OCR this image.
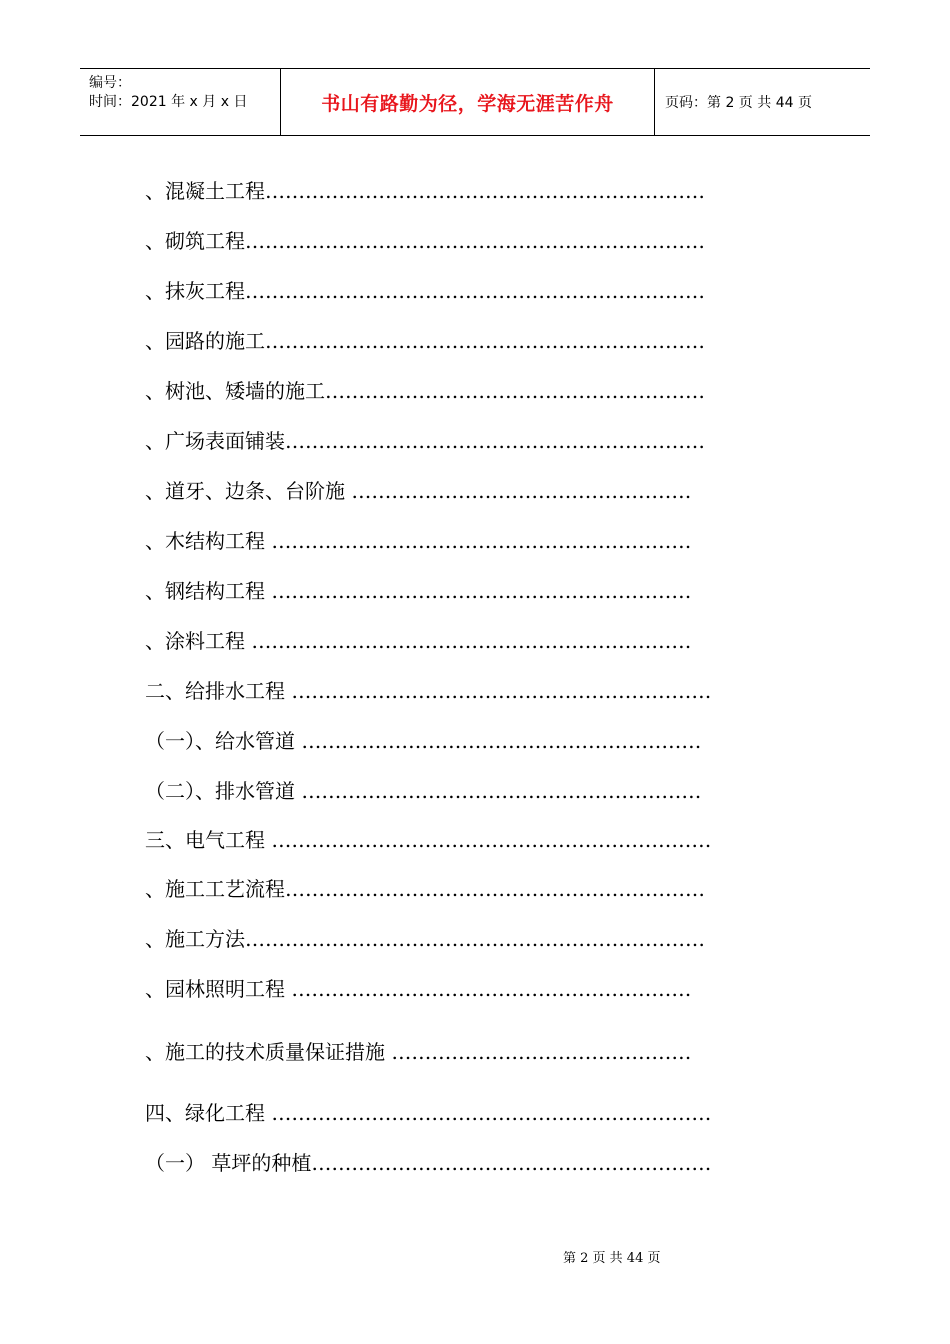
编号：
时间：2021 年 x 月 x 日	书山有路勤为径，学海无涯苦作舟	页码：第 2 页 共 44 页
、混凝土工程…………………………………………………………
、砌筑工程……………………………………………………………
、抹灰工程……………………………………………………………
、园路的施工…………………………………………………………
、树池、矮墙的施工…………………………………………………
、广场表面铺装………………………………………………………
、道牙、边条、台阶施 ……………………………………………
、木结构工程 ………………………………………………………
、钢结构工程 ………………………………………………………
、涂料工程 …………………………………………………………
二、给排水工程 ………………………………………………………
（一）、给水管道 ……………………………………………………
（二）、排水管道 ……………………………………………………
三、电气工程 …………………………………………………………
、施工工艺流程………………………………………………………
、施工方法……………………………………………………………
、园林照明工程 ……………………………………………………
、施工的技术质量保证措施 ………………………………………
四、绿化工程 …………………………………………………………
（一） 草坪的种植……………………………………………………
第 2 页 共 44 页
